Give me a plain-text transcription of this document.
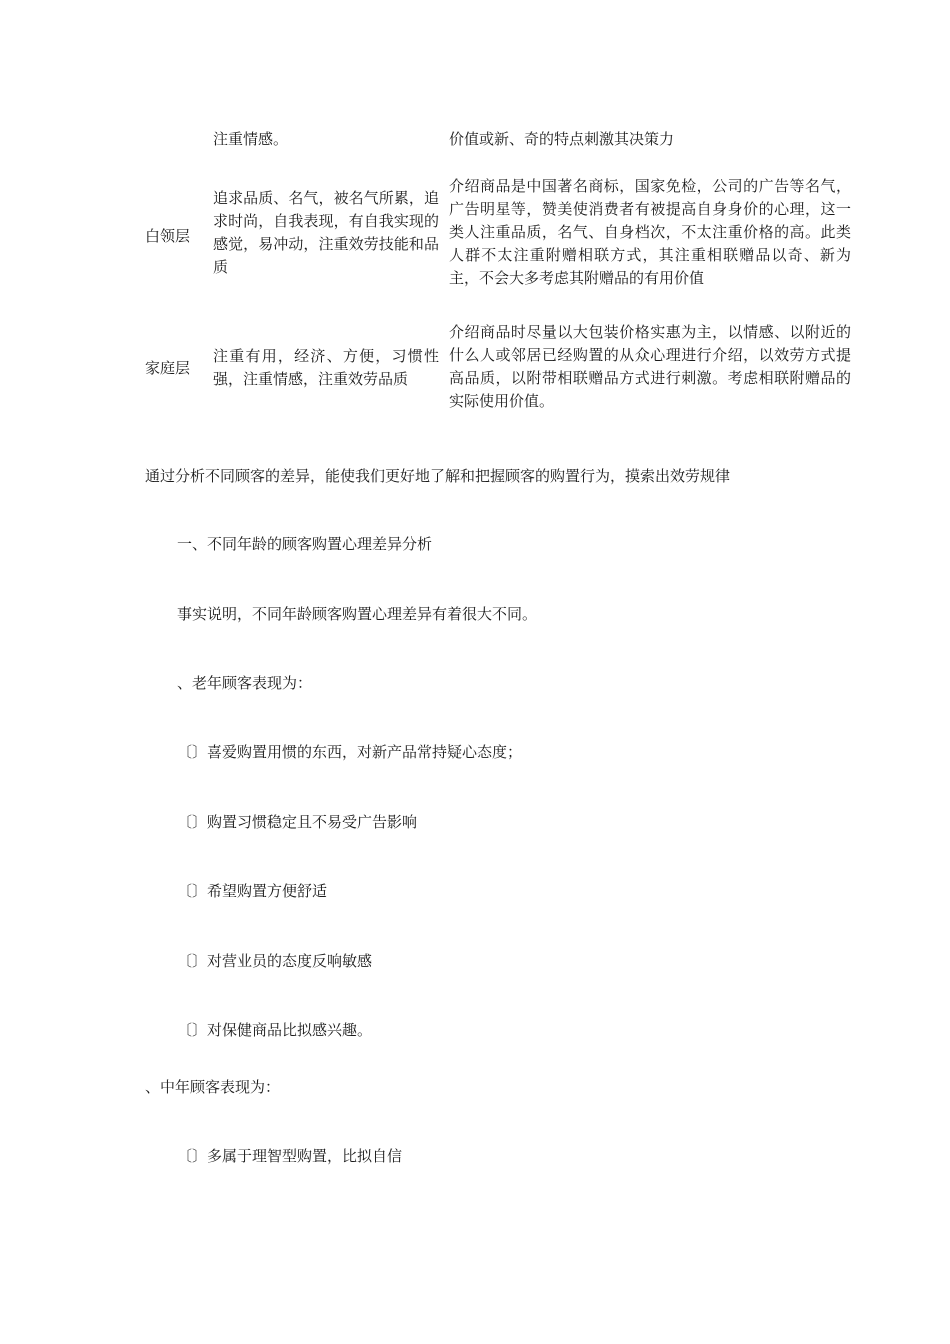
注重情感。	价值或新、奇的特点刺激其决策力
白领层
追求品质、名气，被名气所累，追求时尚，自我表现，有自我实现的感觉，易冲动，注重效劳技能和品质
介绍商品是中国著名商标，国家免检，公司的广告等名气，广告明星等，赞美使消费者有被提高自身身价的心理，这一类人注重品质，名气、自身档次，不太注重价格的高。此类人群不太注重附赠相联方式，其注重相联赠品以奇、新为主，不会大多考虑其附赠品的有用价值
家庭层
注重有用，经济、方便，习惯性强，注重情感，注重效劳品质
介绍商品时尽量以大包装价格实惠为主，以情感、以附近的什么人或邻居已经购置的从众心理进行介绍，以效劳方式提高品质，以附带相联赠品方式进行刺激。考虑相联附赠品的实际使用价值。
通过分析不同顾客的差异，能使我们更好地了解和把握顾客的购置行为，摸索出效劳规律
一、不同年龄的顾客购置心理差异分析
事实说明，不同年龄顾客购置心理差异有着很大不同。
、老年顾客表现为：
〔〕喜爱购置用惯的东西，对新产品常持疑心态度；
〔〕购置习惯稳定且不易受广告影响
〔〕希望购置方便舒适
〔〕对营业员的态度反响敏感
〔〕对保健商品比拟感兴趣。
、中年顾客表现为：
〔〕多属于理智型购置，比拟自信
